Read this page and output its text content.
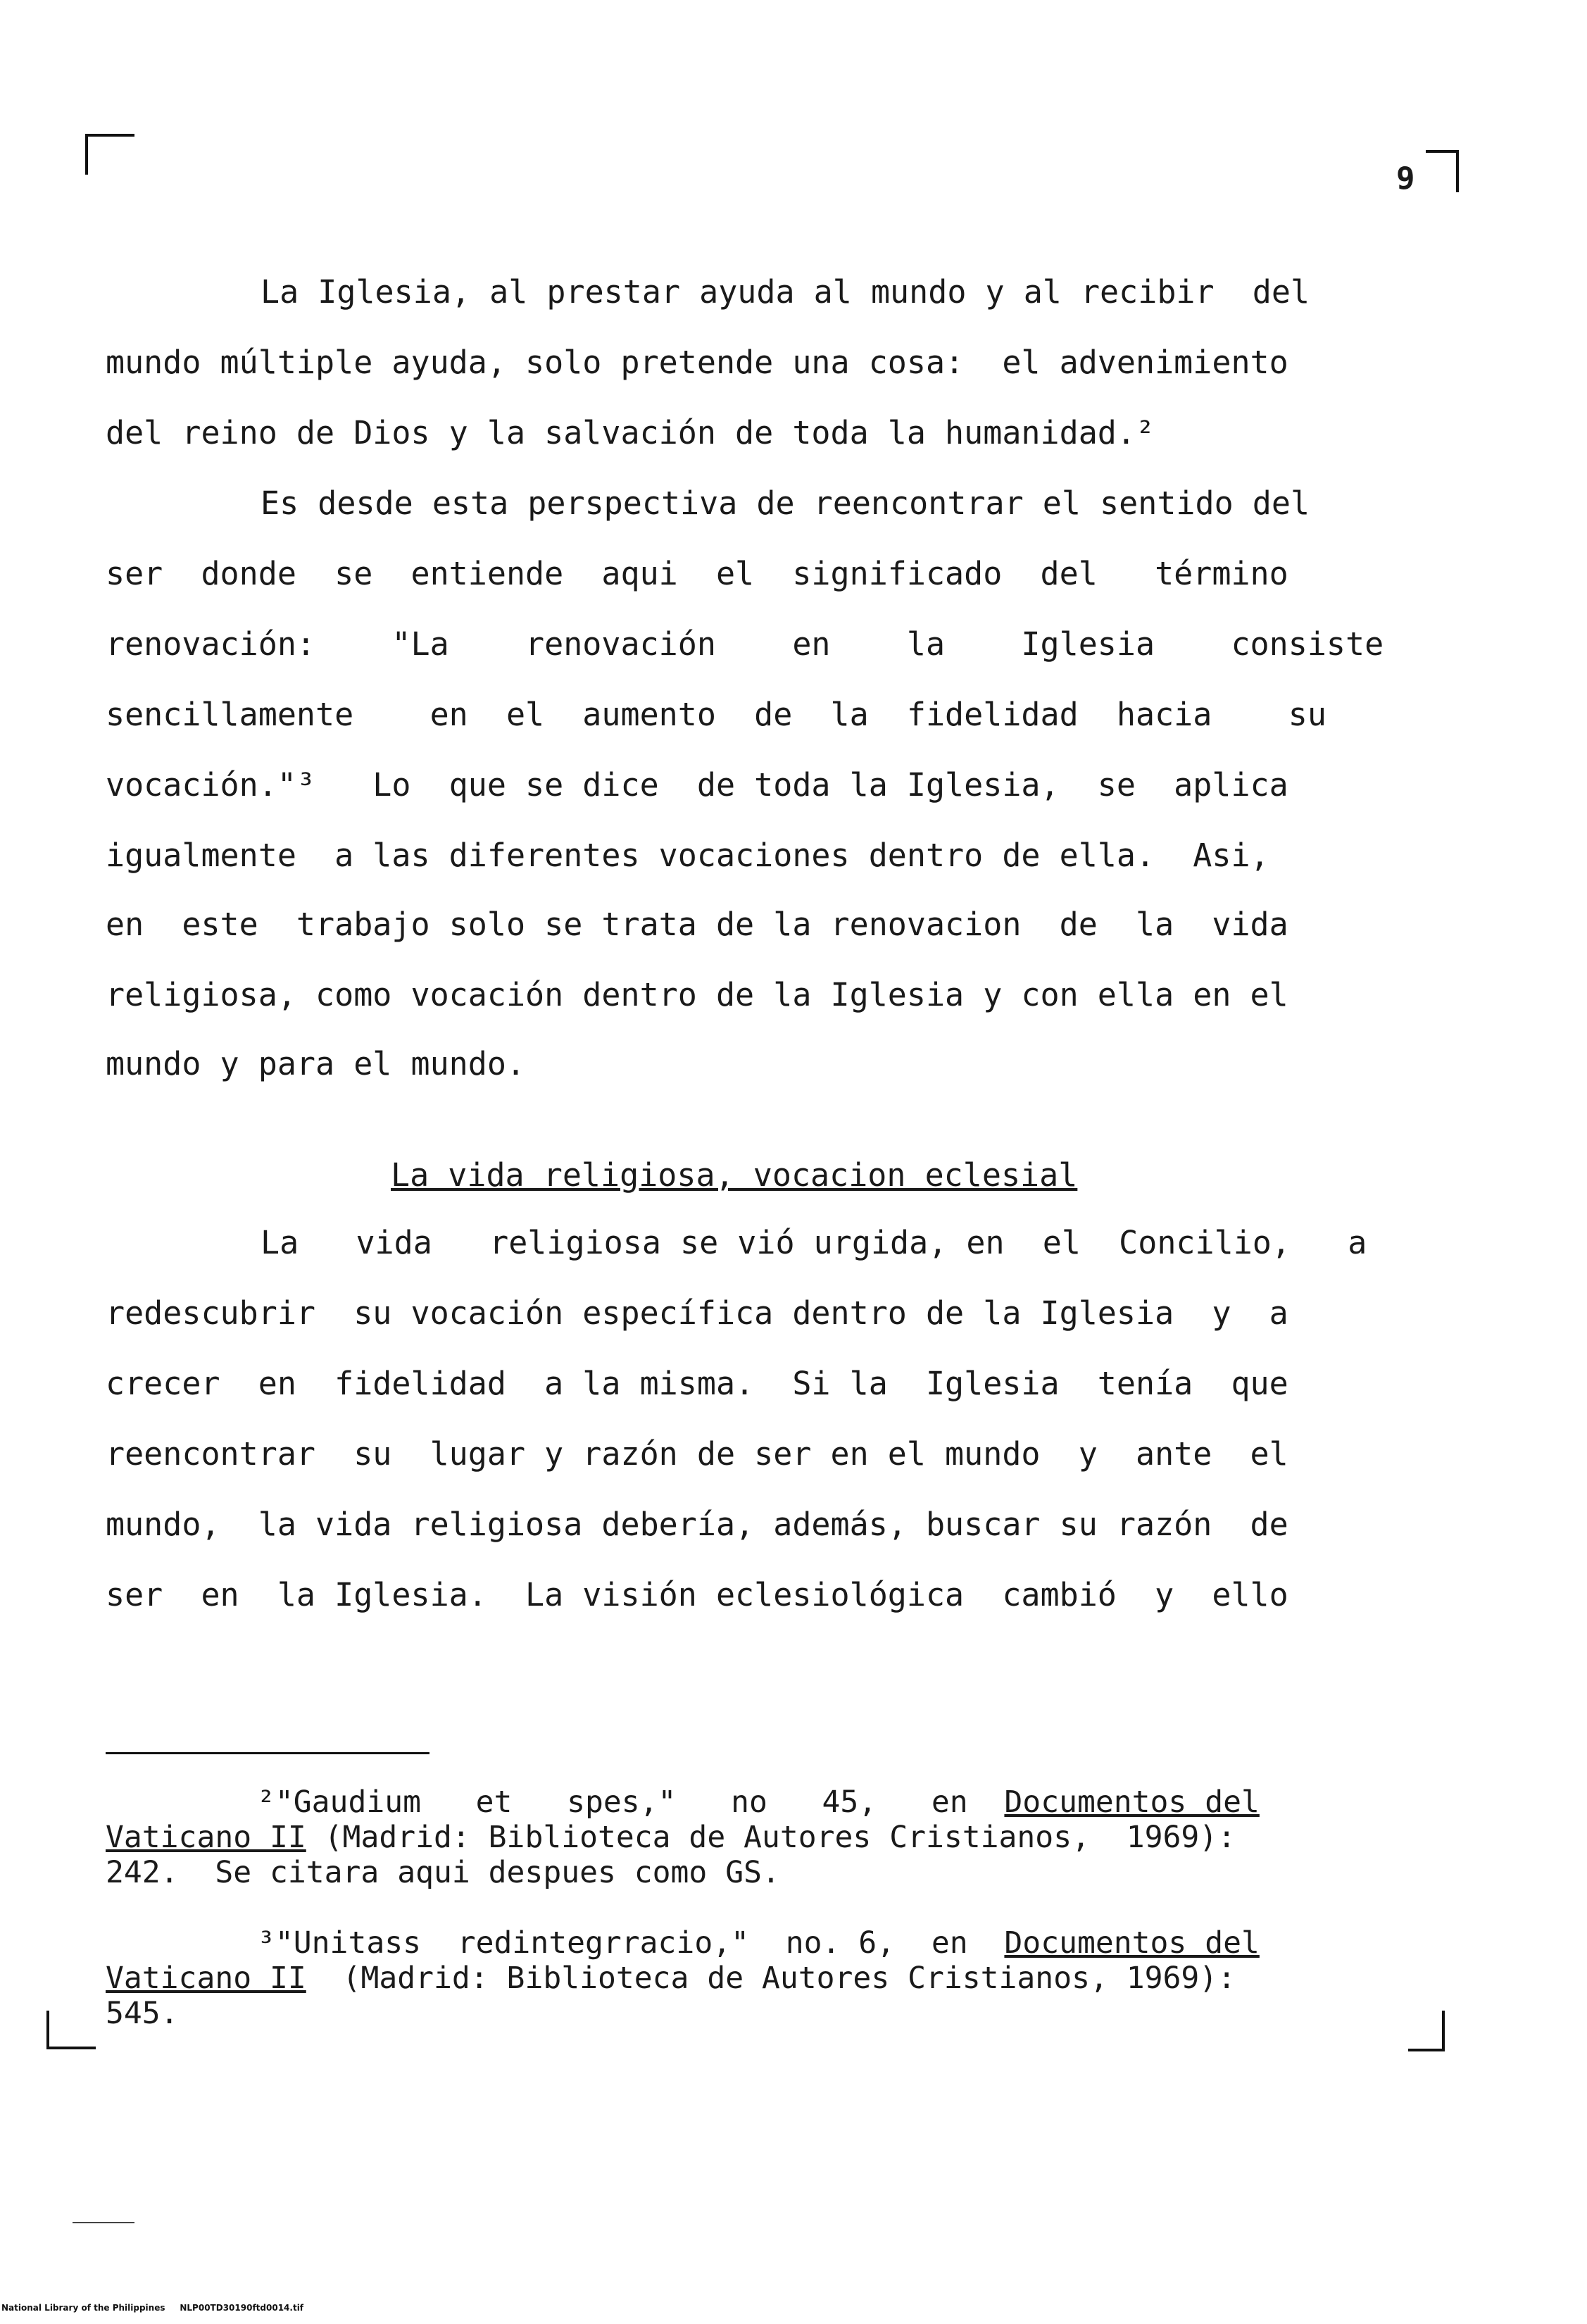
9
La Iglesia, al prestar ayuda al mundo y al recibir  del
mundo múltiple ayuda, solo pretende una cosa:  el advenimiento
del reino de Dios y la salvación de toda la humanidad.²
Es desde esta perspectiva de reencontrar el sentido del
ser  donde  se  entiende  aqui  el  significado  del   término
renovación:    "La    renovación    en    la    Iglesia    consiste
sencillamente    en  el  aumento  de  la  fidelidad  hacia    su
vocación."³   Lo  que se dice  de toda la Iglesia,  se  aplica
igualmente  a las diferentes vocaciones dentro de ella.  Asi,
en  este  trabajo solo se trata de la renovacion  de  la  vida
religiosa, como vocación dentro de la Iglesia y con ella en el
mundo y para el mundo.
La vida religiosa, vocacion eclesial
La   vida   religiosa se vió urgida, en  el  Concilio,   a
redescubrir  su vocación específica dentro de la Iglesia  y  a
crecer  en  fidelidad  a la misma.  Si la  Iglesia  tenía  que
reencontrar  su  lugar y razón de ser en el mundo  y  ante  el
mundo,  la vida religiosa debería, además, buscar su razón  de
ser  en  la Iglesia.  La visión eclesiológica  cambió  y  ello
²"Gaudium   et   spes,"   no   45,   en  Documentos del
Vaticano II (Madrid: Biblioteca de Autores Cristianos,  1969):
242.  Se citara aqui despues como GS.
³"Unitass  redintegrracio,"  no. 6,  en  Documentos del
Vaticano II  (Madrid: Biblioteca de Autores Cristianos, 1969):
545.
National Library of the Philippines     NLP00TD30190ftd0014.tif
